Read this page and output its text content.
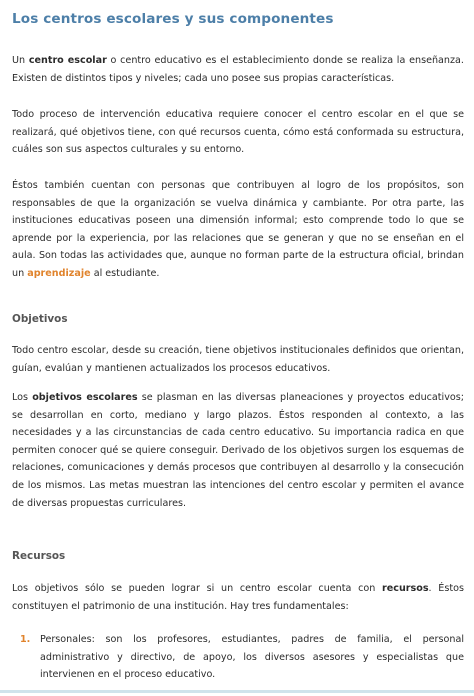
Los centros escolares y sus componentes

Un centro escolar o centro educativo es el establecimiento donde se realiza la enseñanza. Existen de distintos tipos y niveles; cada uno posee sus propias características.

Todo proceso de intervención educativa requiere conocer el centro escolar en el que se realizará, qué objetivos tiene, con qué recursos cuenta, cómo está conformada su estructura, cuáles son sus aspectos culturales y su entorno.

Éstos también cuentan con personas que contribuyen al logro de los propósitos, son responsables de que la organización se vuelva dinámica y cambiante. Por otra parte, las instituciones educativas poseen una dimensión informal; esto comprende todo lo que se aprende por la experiencia, por las relaciones que se generan y que no se enseñan en el aula. Son todas las actividades que, aunque no forman parte de la estructura oficial, brindan un aprendizaje al estudiante.

Objetivos

Todo centro escolar, desde su creación, tiene objetivos institucionales definidos que orientan, guían, evalúan y mantienen actualizados los procesos educativos.

Los objetivos escolares se plasman en las diversas planeaciones y proyectos educativos; se desarrollan en corto, mediano y largo plazos. Éstos responden al contexto, a las necesidades y a las circunstancias de cada centro educativo. Su importancia radica en que permiten conocer qué se quiere conseguir. Derivado de los objetivos surgen los esquemas de relaciones, comunicaciones y demás procesos que contribuyen al desarrollo y la consecución de los mismos. Las metas muestran las intenciones del centro escolar y permiten el avance de diversas propuestas curriculares.

Recursos

Los objetivos sólo se pueden lograr si un centro escolar cuenta con recursos. Éstos constituyen el patrimonio de una institución. Hay tres fundamentales:

1. Personales: son los profesores, estudiantes, padres de familia, el personal administrativo y directivo, de apoyo, los diversos asesores y especialistas que intervienen en el proceso educativo.
